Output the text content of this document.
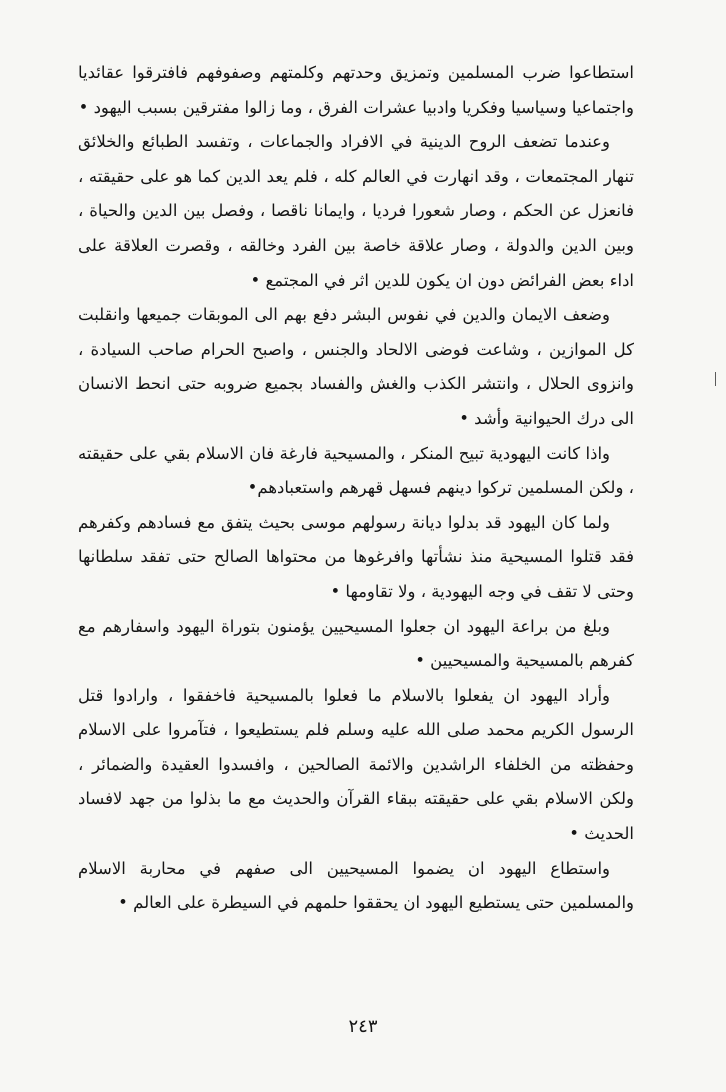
استطاعوا ضرب المسلمين وتمزيق وحدتهم وكلمتهم وصفوفهم فافترقوا عقائديا واجتماعيا وسياسيا وفكريا وادبيا عشرات الفرق ، وما زالوا مفترقين بسبب اليهود •

وعندما تضعف الروح الدينية في الافراد والجماعات ، وتفسد الطبائع والخلائق تنهار المجتمعات ، وقد انهارت في العالم كله ، فلم يعد الدين كما هو على حقيقته ، فانعزل عن الحكم ، وصار شعورا فرديا ، وايمانا ناقصا ، وفصل بين الدين والحياة ، وبين الدين والدولة ، وصار علاقة خاصة بين الفرد وخالقه ، وقصرت العلاقة على اداء بعض الفرائض دون ان يكون للدين اثر في المجتمع •

وضعف الايمان والدين في نفوس البشر دفع بهم الى الموبقات جميعها وانقلبت كل الموازين ، وشاعت فوضى الالحاد والجنس ، واصبح الحرام صاحب السيادة ، وانزوى الحلال ، وانتشر الكذب والغش والفساد بجميع ضروبه حتى انحط الانسان الى درك الحيوانية وأشد •

واذا كانت اليهودية تبيح المنكر ، والمسيحية فارغة فان الاسلام بقي على حقيقته ، ولكن المسلمين تركوا دينهم فسهل قهرهم واستعبادهم•

ولما كان اليهود قد بدلوا ديانة رسولهم موسى بحيث يتفق مع فسادهم وكفرهم فقد قتلوا المسيحية منذ نشأتها وافرغوها من محتواها الصالح حتى تفقد سلطانها وحتى لا تقف في وجه اليهودية ، ولا تقاومها •

وبلغ من براعة اليهود ان جعلوا المسيحيين يؤمنون بتوراة اليهود واسفارهم مع كفرهم بالمسيحية والمسيحيين •

وأراد اليهود ان يفعلوا بالاسلام ما فعلوا بالمسيحية فاخفقوا ، وارادوا قتل الرسول الكريم محمد صلى الله عليه وسلم فلم يستطيعوا ، فتآمروا على الاسلام وحفظته من الخلفاء الراشدين والائمة الصالحين ، وافسدوا العقيدة والضمائر ، ولكن الاسلام بقي على حقيقته ببقاء القرآن والحديث مع ما بذلوا من جهد لافساد الحديث •

واستطاع اليهود ان يضموا المسيحيين الى صفهم في محاربة الاسلام والمسلمين حتى يستطيع اليهود ان يحققوا حلمهم في السيطرة على العالم •

٢٤٣
